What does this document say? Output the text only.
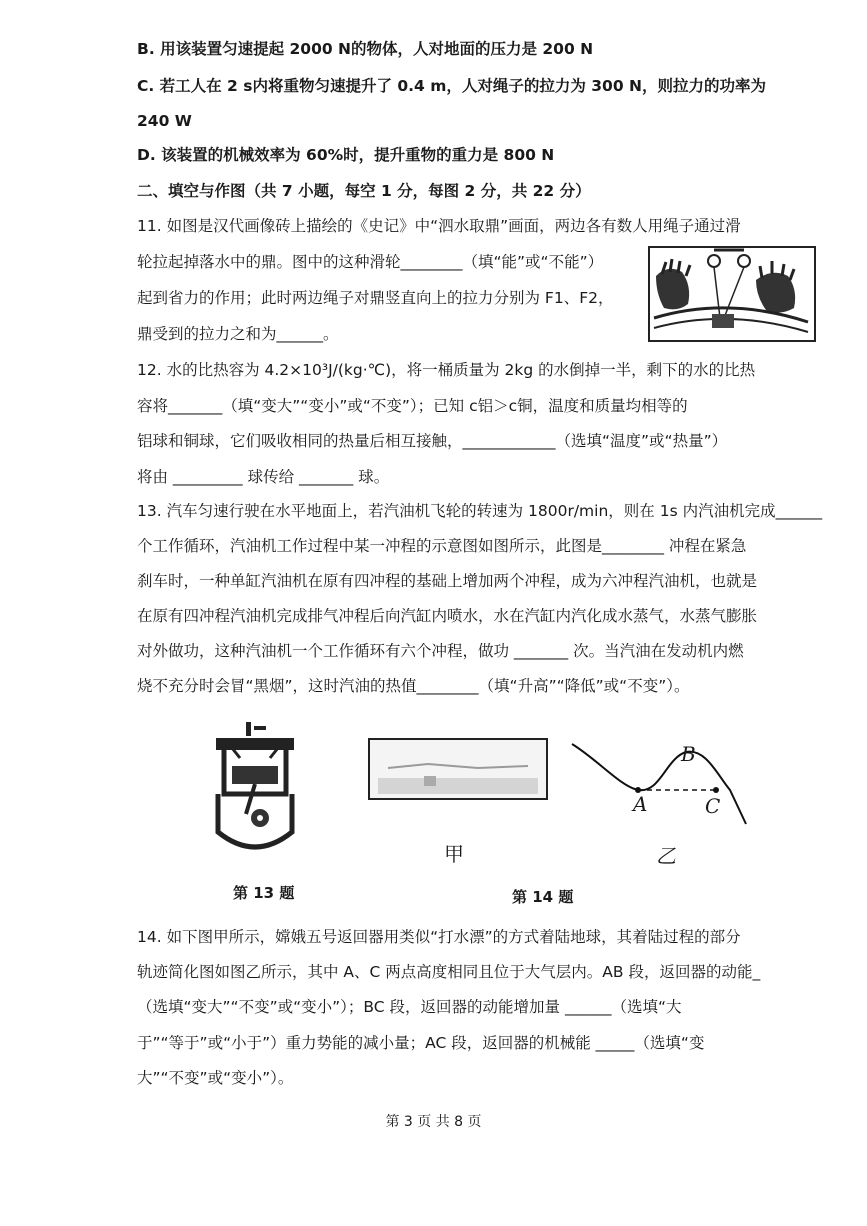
B. 用该装置匀速提起 2000 N的物体，人对地面的压力是 200 N
C. 若工人在 2 s内将重物匀速提升了 0.4 m，人对绳子的拉力为 300 N，则拉力的功率为
240 W
D. 该装置的机械效率为 60%时，提升重物的重力是 800 N
二、填空与作图（共 7 小题，每空 1 分，每图 2 分，共 22 分）
11. 如图是汉代画像砖上描绘的《史记》中“泗水取鼎”画面，两边各有数人用绳子通过滑
轮拉起掉落水中的鼎。图中的这种滑轮________（填“能”或“不能”）
起到省力的作用；此时两边绳子对鼎竖直向上的拉力分别为 F1、F2，
鼎受到的拉力之和为______。
12. 水的比热容为 4.2×10³J/(kg·℃)，将一桶质量为 2kg 的水倒掉一半，剩下的水的比热
容将_______（填“变大”“变小”或“不变”）；已知 c铝＞c铜，温度和质量均相等的
铝球和铜球，它们吸收相同的热量后相互接触，____________（选填“温度”或“热量”）
将由 _________ 球传给 _______ 球。
13. 汽车匀速行驶在水平地面上，若汽油机飞轮的转速为 1800r/min，则在 1s 内汽油机完成______
个工作循环，汽油机工作过程中某一冲程的示意图如图所示，此图是________ 冲程在紧急
刹车时，一种单缸汽油机在原有四冲程的基础上增加两个冲程，成为六冲程汽油机，也就是
在原有四冲程汽油机完成排气冲程后向汽缸内喷水，水在汽缸内汽化成水蒸气，水蒸气膨胀
对外做功，这种汽油机一个工作循环有六个冲程，做功 _______ 次。当汽油在发动机内燃
烧不充分时会冒“黑烟”，这时汽油的热值________（填“升高”“降低”或“不变”）。
14. 如下图甲所示，嫦娥五号返回器用类似“打水漂”的方式着陆地球，其着陆过程的部分
轨迹简化图如图乙所示，其中 A、C 两点高度相同且位于大气层内。AB 段，返回器的动能_
（选填“变大”“不变”或“变小”）；BC 段，返回器的动能增加量 ______（选填“大
于”“等于”或“小于”）重力势能的减小量；AC 段，返回器的机械能 _____（选填“变
大”“不变”或“变小”）。
第 13 题
甲
A
B
C
乙
第 14 题
第 3 页 共 8 页
